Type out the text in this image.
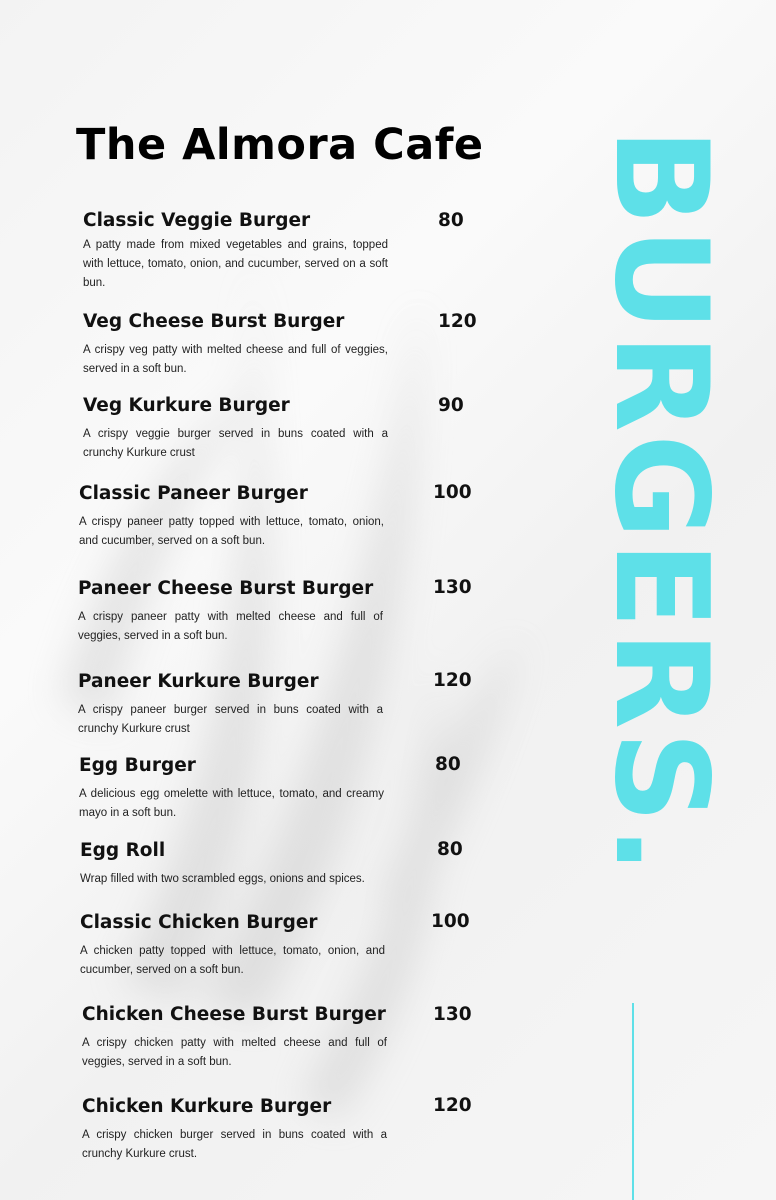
The Almora Cafe BURGERS.
Classic Veggie Burger
A patty made from mixed vegetables and grains, topped with lettuce, tomato, onion, and cucumber, served on a soft bun.
80
Veg Cheese Burst Burger
A crispy veg patty with melted cheese and full of veggies, served in a soft bun.
120
Veg Kurkure Burger
A crispy veggie burger served in buns coated with a crunchy Kurkure crust
90
Classic Paneer Burger
A crispy paneer patty topped with lettuce, tomato, onion, and cucumber, served on a soft bun.
100
Paneer Cheese Burst Burger
A crispy paneer patty with melted cheese and full of veggies, served in a soft bun.
130
Paneer Kurkure Burger
A crispy paneer burger served in buns coated with a crunchy Kurkure crust
120
Egg Burger
A delicious egg omelette with lettuce, tomato, and creamy mayo in a soft bun.
80
Egg Roll
Wrap filled with two scrambled eggs, onions and spices.
80
Classic Chicken Burger
A chicken patty topped with lettuce, tomato, onion, and cucumber, served on a soft bun.
100
Chicken Cheese Burst Burger
A crispy chicken patty with melted cheese and full of veggies, served in a soft bun.
130
Chicken Kurkure Burger
A crispy chicken burger served in buns coated with a crunchy Kurkure crust.
120
